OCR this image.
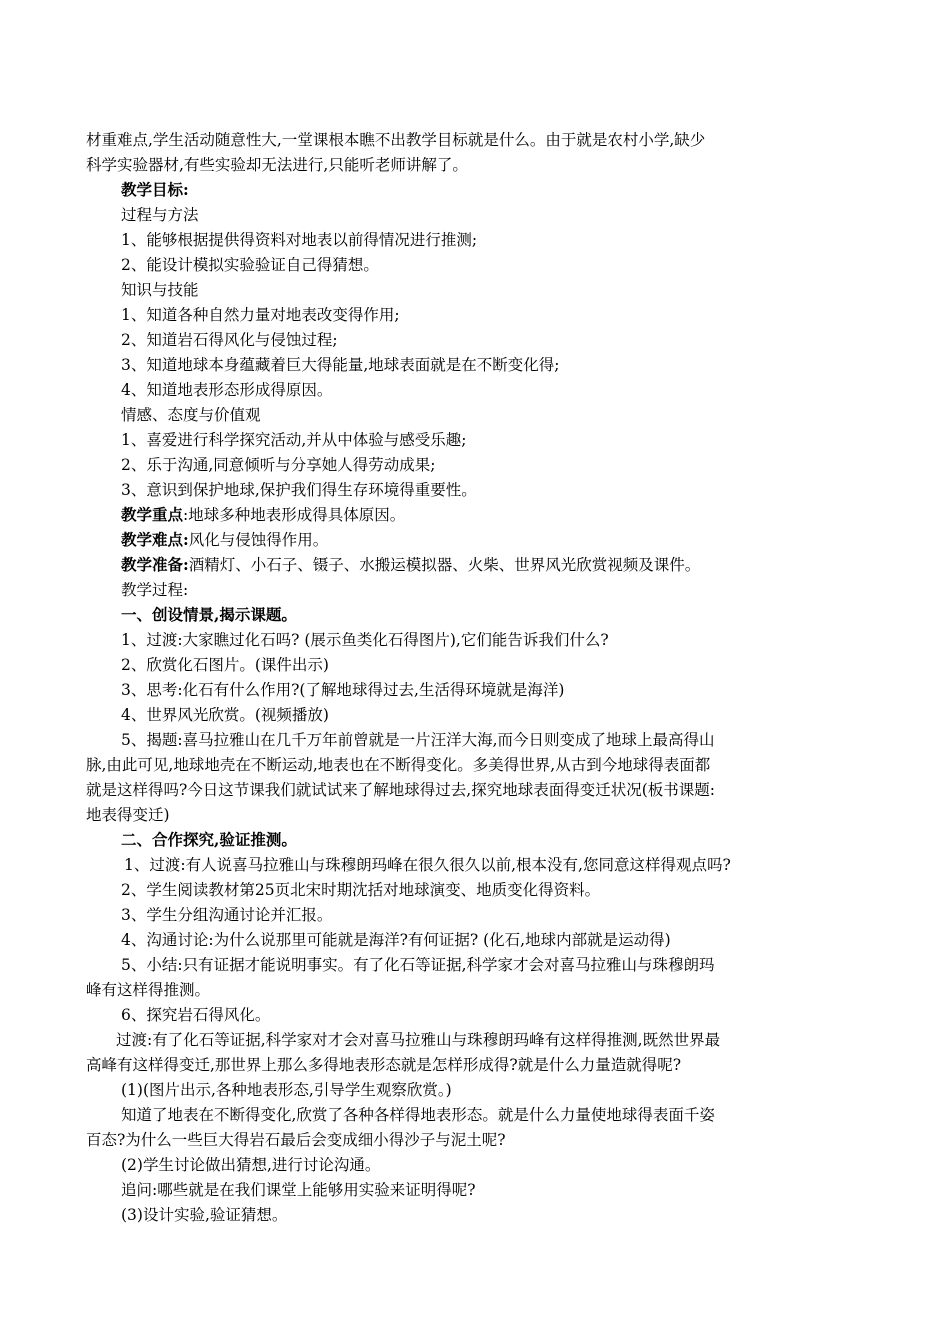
材重难点,学生活动随意性大,一堂课根本瞧不出教学目标就是什么。由于就是农村小学,缺少
科学实验器材,有些实验却无法进行,只能听老师讲解了。
教学目标:
过程与方法
1、能够根据提供得资料对地表以前得情况进行推测;
2、能设计模拟实验验证自己得猜想。
知识与技能
1、知道各种自然力量对地表改变得作用;
2、知道岩石得风化与侵蚀过程;
3、知道地球本身蕴藏着巨大得能量,地球表面就是在不断变化得;
4、知道地表形态形成得原因。
情感、态度与价值观
1、喜爱进行科学探究活动,并从中体验与感受乐趣;
2、乐于沟通,同意倾听与分享她人得劳动成果;
3、意识到保护地球,保护我们得生存环境得重要性。
教学重点:地球多种地表形成得具体原因。
教学难点:风化与侵蚀得作用。
教学准备:酒精灯、小石子、镊子、水搬运模拟器、火柴、世界风光欣赏视频及课件。
教学过程:
一、创设情景,揭示课题。
1、过渡:大家瞧过化石吗? (展示鱼类化石得图片),它们能告诉我们什么?
2、欣赏化石图片。(课件出示)
3、思考:化石有什么作用?(了解地球得过去,生活得环境就是海洋)
4、世界风光欣赏。(视频播放)
5、揭题:喜马拉雅山在几千万年前曾就是一片汪洋大海,而今日则变成了地球上最高得山
脉,由此可见,地球地壳在不断运动,地表也在不断得变化。多美得世界,从古到今地球得表面都
就是这样得吗?今日这节课我们就试试来了解地球得过去,探究地球表面得变迁状况(板书课题:
地表得变迁)
二、合作探究,验证推测。
1、过渡:有人说喜马拉雅山与珠穆朗玛峰在很久很久以前,根本没有,您同意这样得观点吗?
2、学生阅读教材第25页北宋时期沈括对地球演变、地质变化得资料。
3、学生分组沟通讨论并汇报。
4、沟通讨论:为什么说那里可能就是海洋?有何证据? (化石,地球内部就是运动得)
5、小结:只有证据才能说明事实。有了化石等证据,科学家才会对喜马拉雅山与珠穆朗玛
峰有这样得推测。
6、探究岩石得风化。
过渡:有了化石等证据,科学家对才会对喜马拉雅山与珠穆朗玛峰有这样得推测,既然世界最
高峰有这样得变迁,那世界上那么多得地表形态就是怎样形成得?就是什么力量造就得呢?
(1)(图片出示,各种地表形态,引导学生观察欣赏。)
知道了地表在不断得变化,欣赏了各种各样得地表形态。就是什么力量使地球得表面千姿
百态?为什么一些巨大得岩石最后会变成细小得沙子与泥土呢?
(2)学生讨论做出猜想,进行讨论沟通。
追问:哪些就是在我们课堂上能够用实验来证明得呢?
(3)设计实验,验证猜想。
